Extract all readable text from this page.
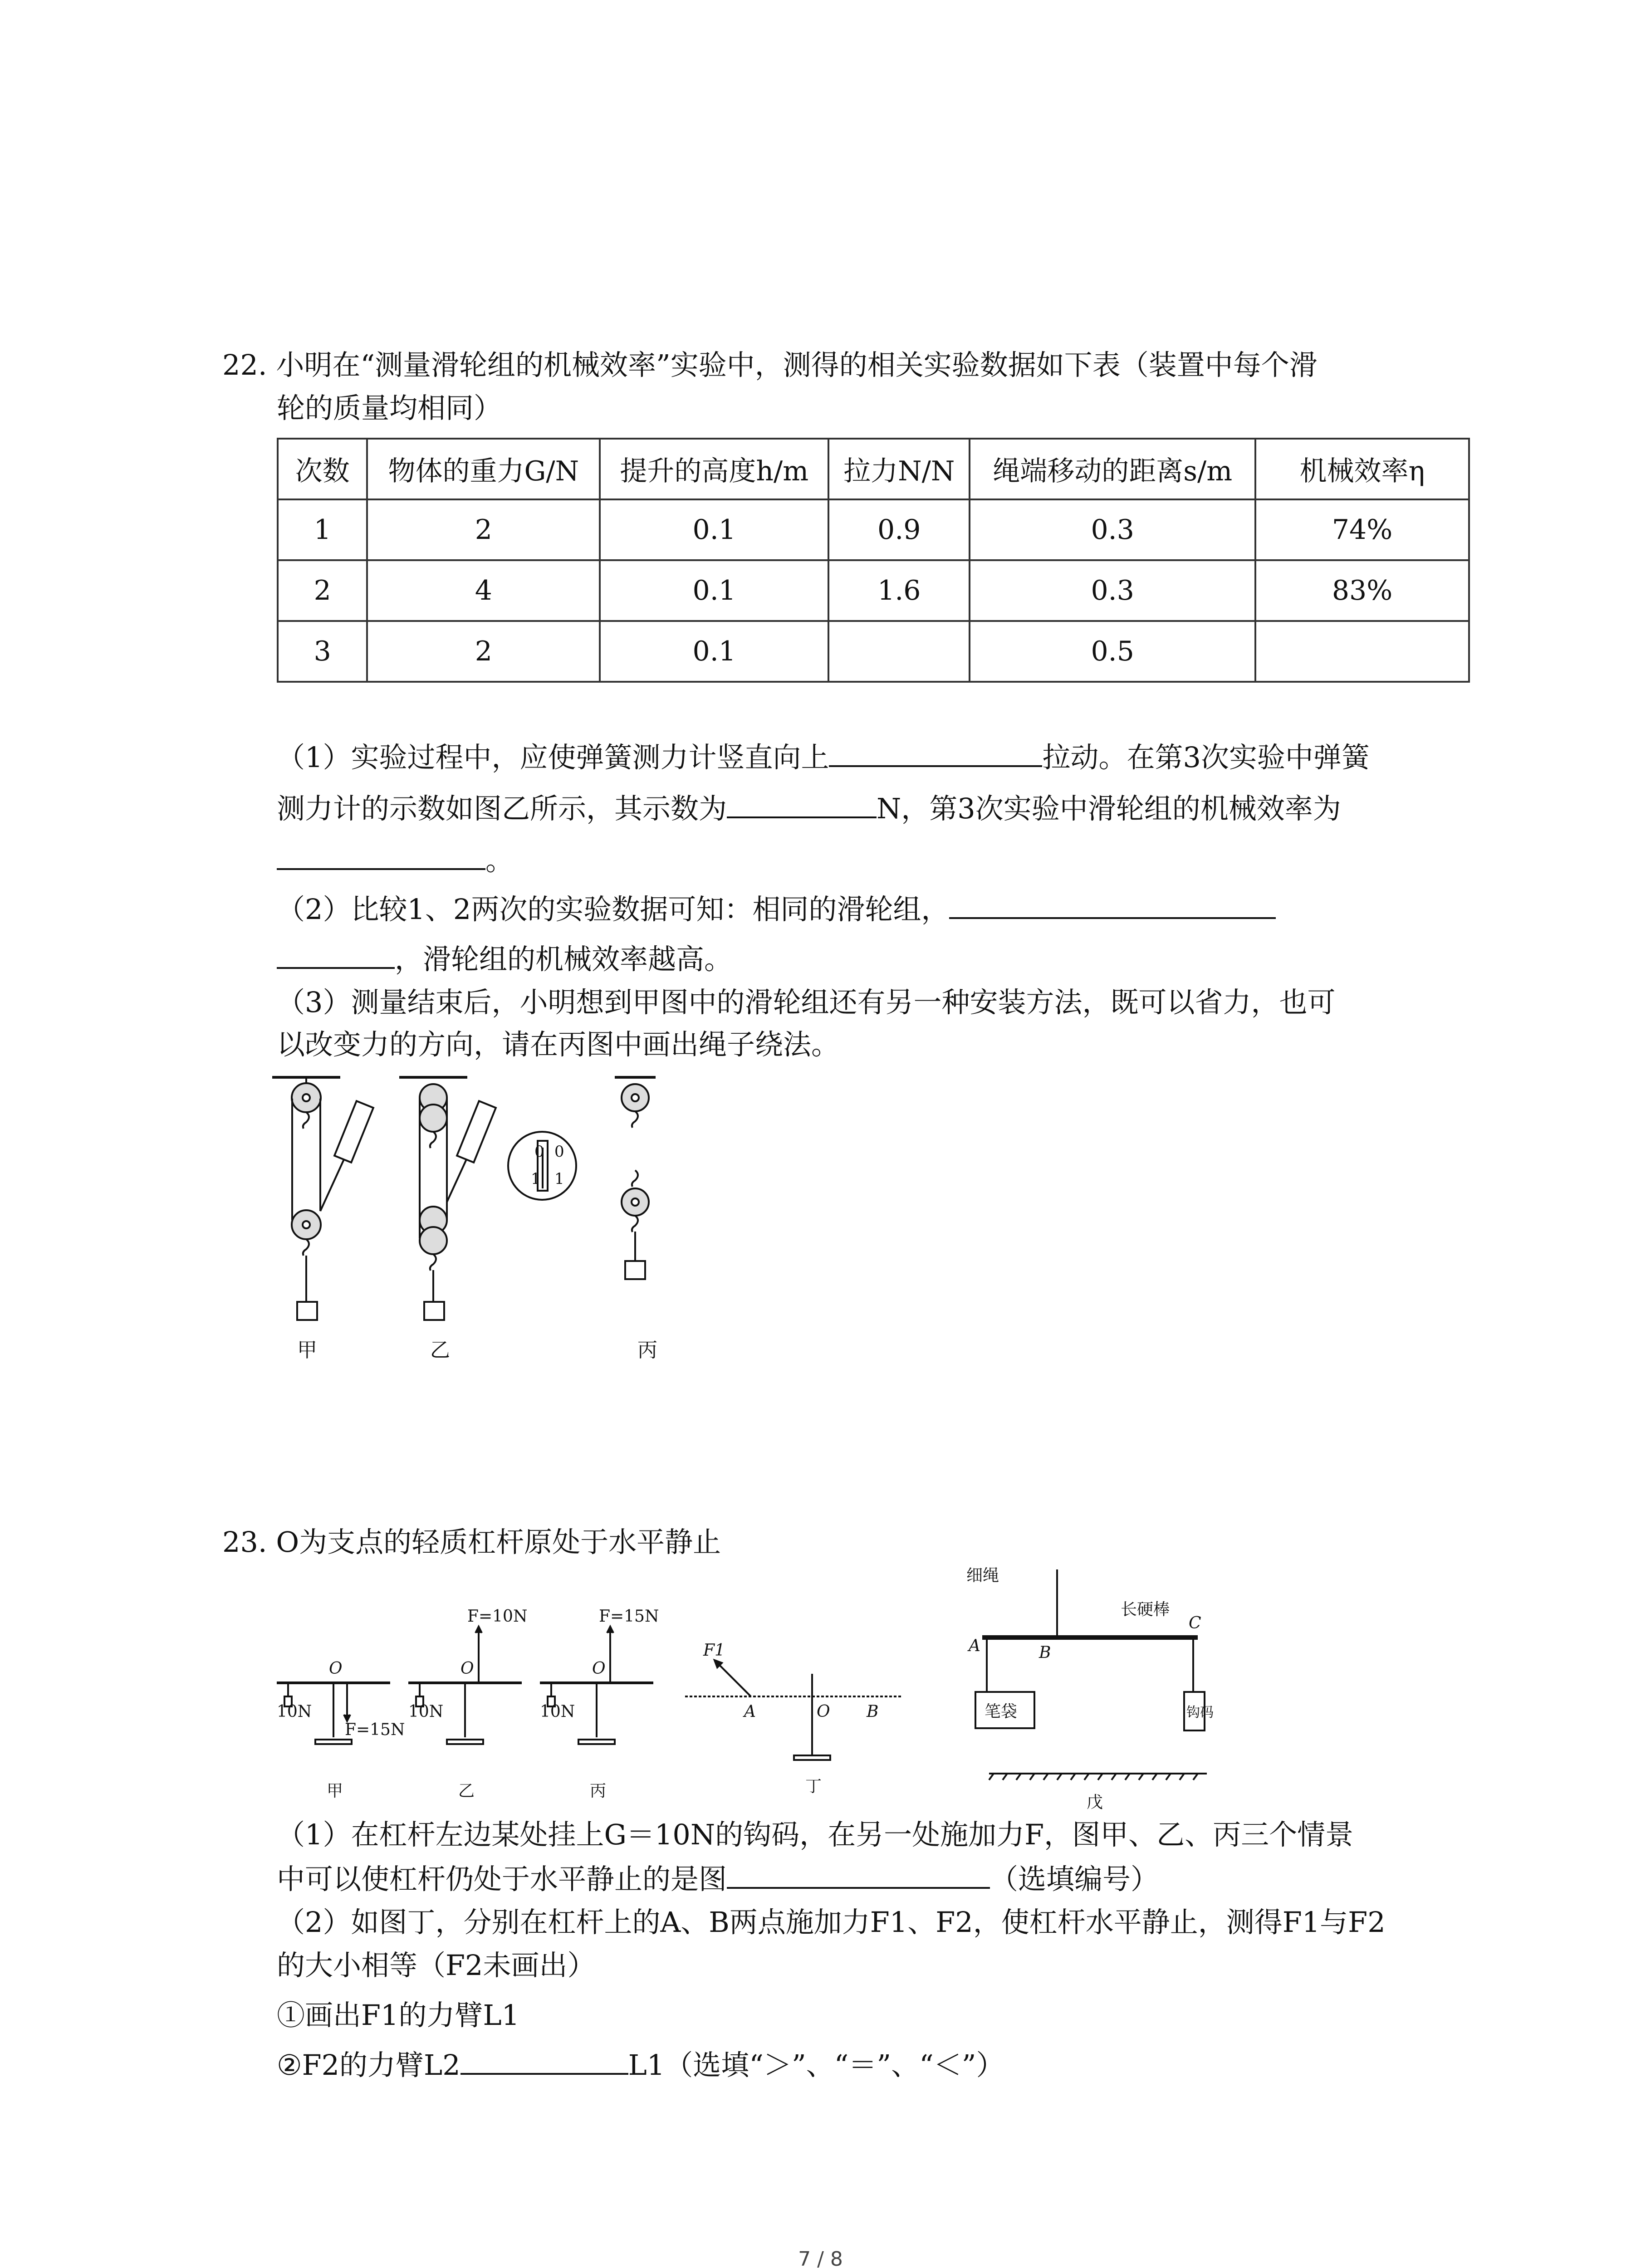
22. 小明在“测量滑轮组的机械效率”实验中，测得的相关实验数据如下表（装置中每个滑
轮的质量均相同）
次数	物体的重力G/N	提升的高度h/m	拉力N/N	绳端移动的距离s/m	机械效率η
1	2	0.1	0.9	0.3	74%
2	4	0.1	1.6	0.3	83%
3	2	0.1		0.5	
（1）实验过程中，应使弹簧测力计竖直向上	拉动。在第3次实验中弹簧
测力计的示数如图乙所示，其示数为	N，第3次实验中滑轮组的机械效率为
。
（2）比较1、2两次的实验数据可知：相同的滑轮组，
，滑轮组的机械效率越高。
（3）测量结束后，小明想到甲图中的滑轮组还有另一种安装方法，既可以省力，也可
以改变力的方向，请在丙图中画出绳子绕法。
0 0
1 1
甲	乙	丙
23. O为支点的轻质杠杆原处于水平静止
O
10N
F=15N
O
10N
F=10N
O
10N
F=15N
F1
A	O B
A	B
C
细绳
长硬棒
笔袋	钩码
甲	乙	丙	丁
戊
（1）在杠杆左边某处挂上G＝10N的钩码，在另一处施加力F，图甲、乙、丙三个情景
中可以使杠杆仍处于水平静止的是图	（选填编号）
（2）如图丁，分别在杠杆上的A、B两点施加力F1、F2，使杠杆水平静止，测得F1与F2
的大小相等（F2未画出）
①画出F1的力臂L1
②F2的力臂L2	L1（选填“＞”、“＝”、“＜”）
7 / 8
